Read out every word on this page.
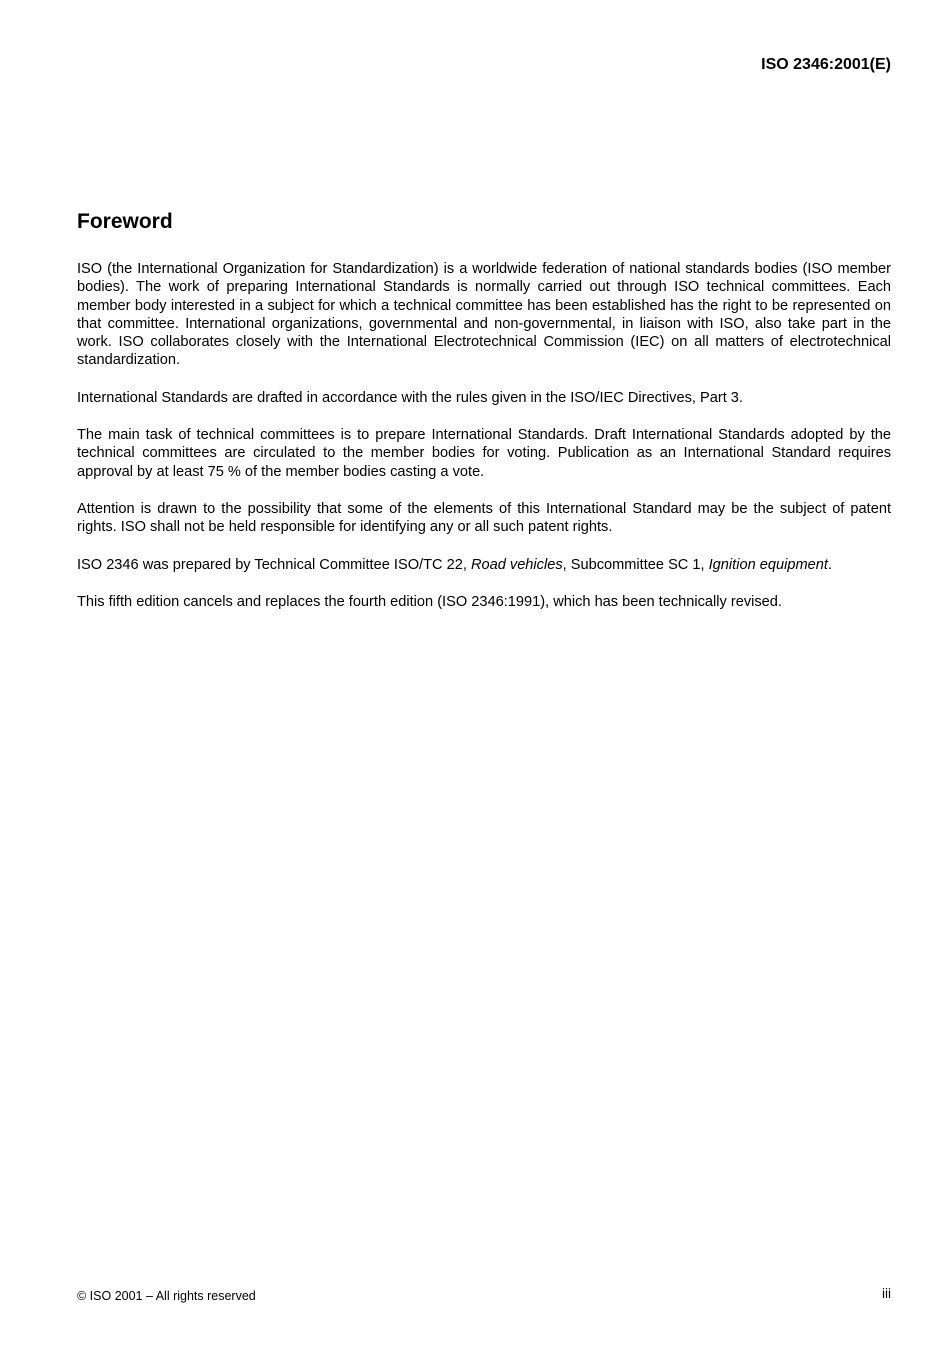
ISO 2346:2001(E)
Foreword

ISO (the International Organization for Standardization) is a worldwide federation of national standards bodies (ISO member bodies). The work of preparing International Standards is normally carried out through ISO technical committees. Each member body interested in a subject for which a technical committee has been established has the right to be represented on that committee. International organizations, governmental and non-governmental, in liaison with ISO, also take part in the work. ISO collaborates closely with the International Electrotechnical Commission (IEC) on all matters of electrotechnical standardization.

International Standards are drafted in accordance with the rules given in the ISO/IEC Directives, Part 3.

The main task of technical committees is to prepare International Standards. Draft International Standards adopted by the technical committees are circulated to the member bodies for voting. Publication as an International Standard requires approval by at least 75 % of the member bodies casting a vote.

Attention is drawn to the possibility that some of the elements of this International Standard may be the subject of patent rights. ISO shall not be held responsible for identifying any or all such patent rights.

ISO 2346 was prepared by Technical Committee ISO/TC 22, Road vehicles, Subcommittee SC 1, Ignition equipment.

This fifth edition cancels and replaces the fourth edition (ISO 2346:1991), which has been technically revised.

© ISO 2001 – All rights reserved	iii
